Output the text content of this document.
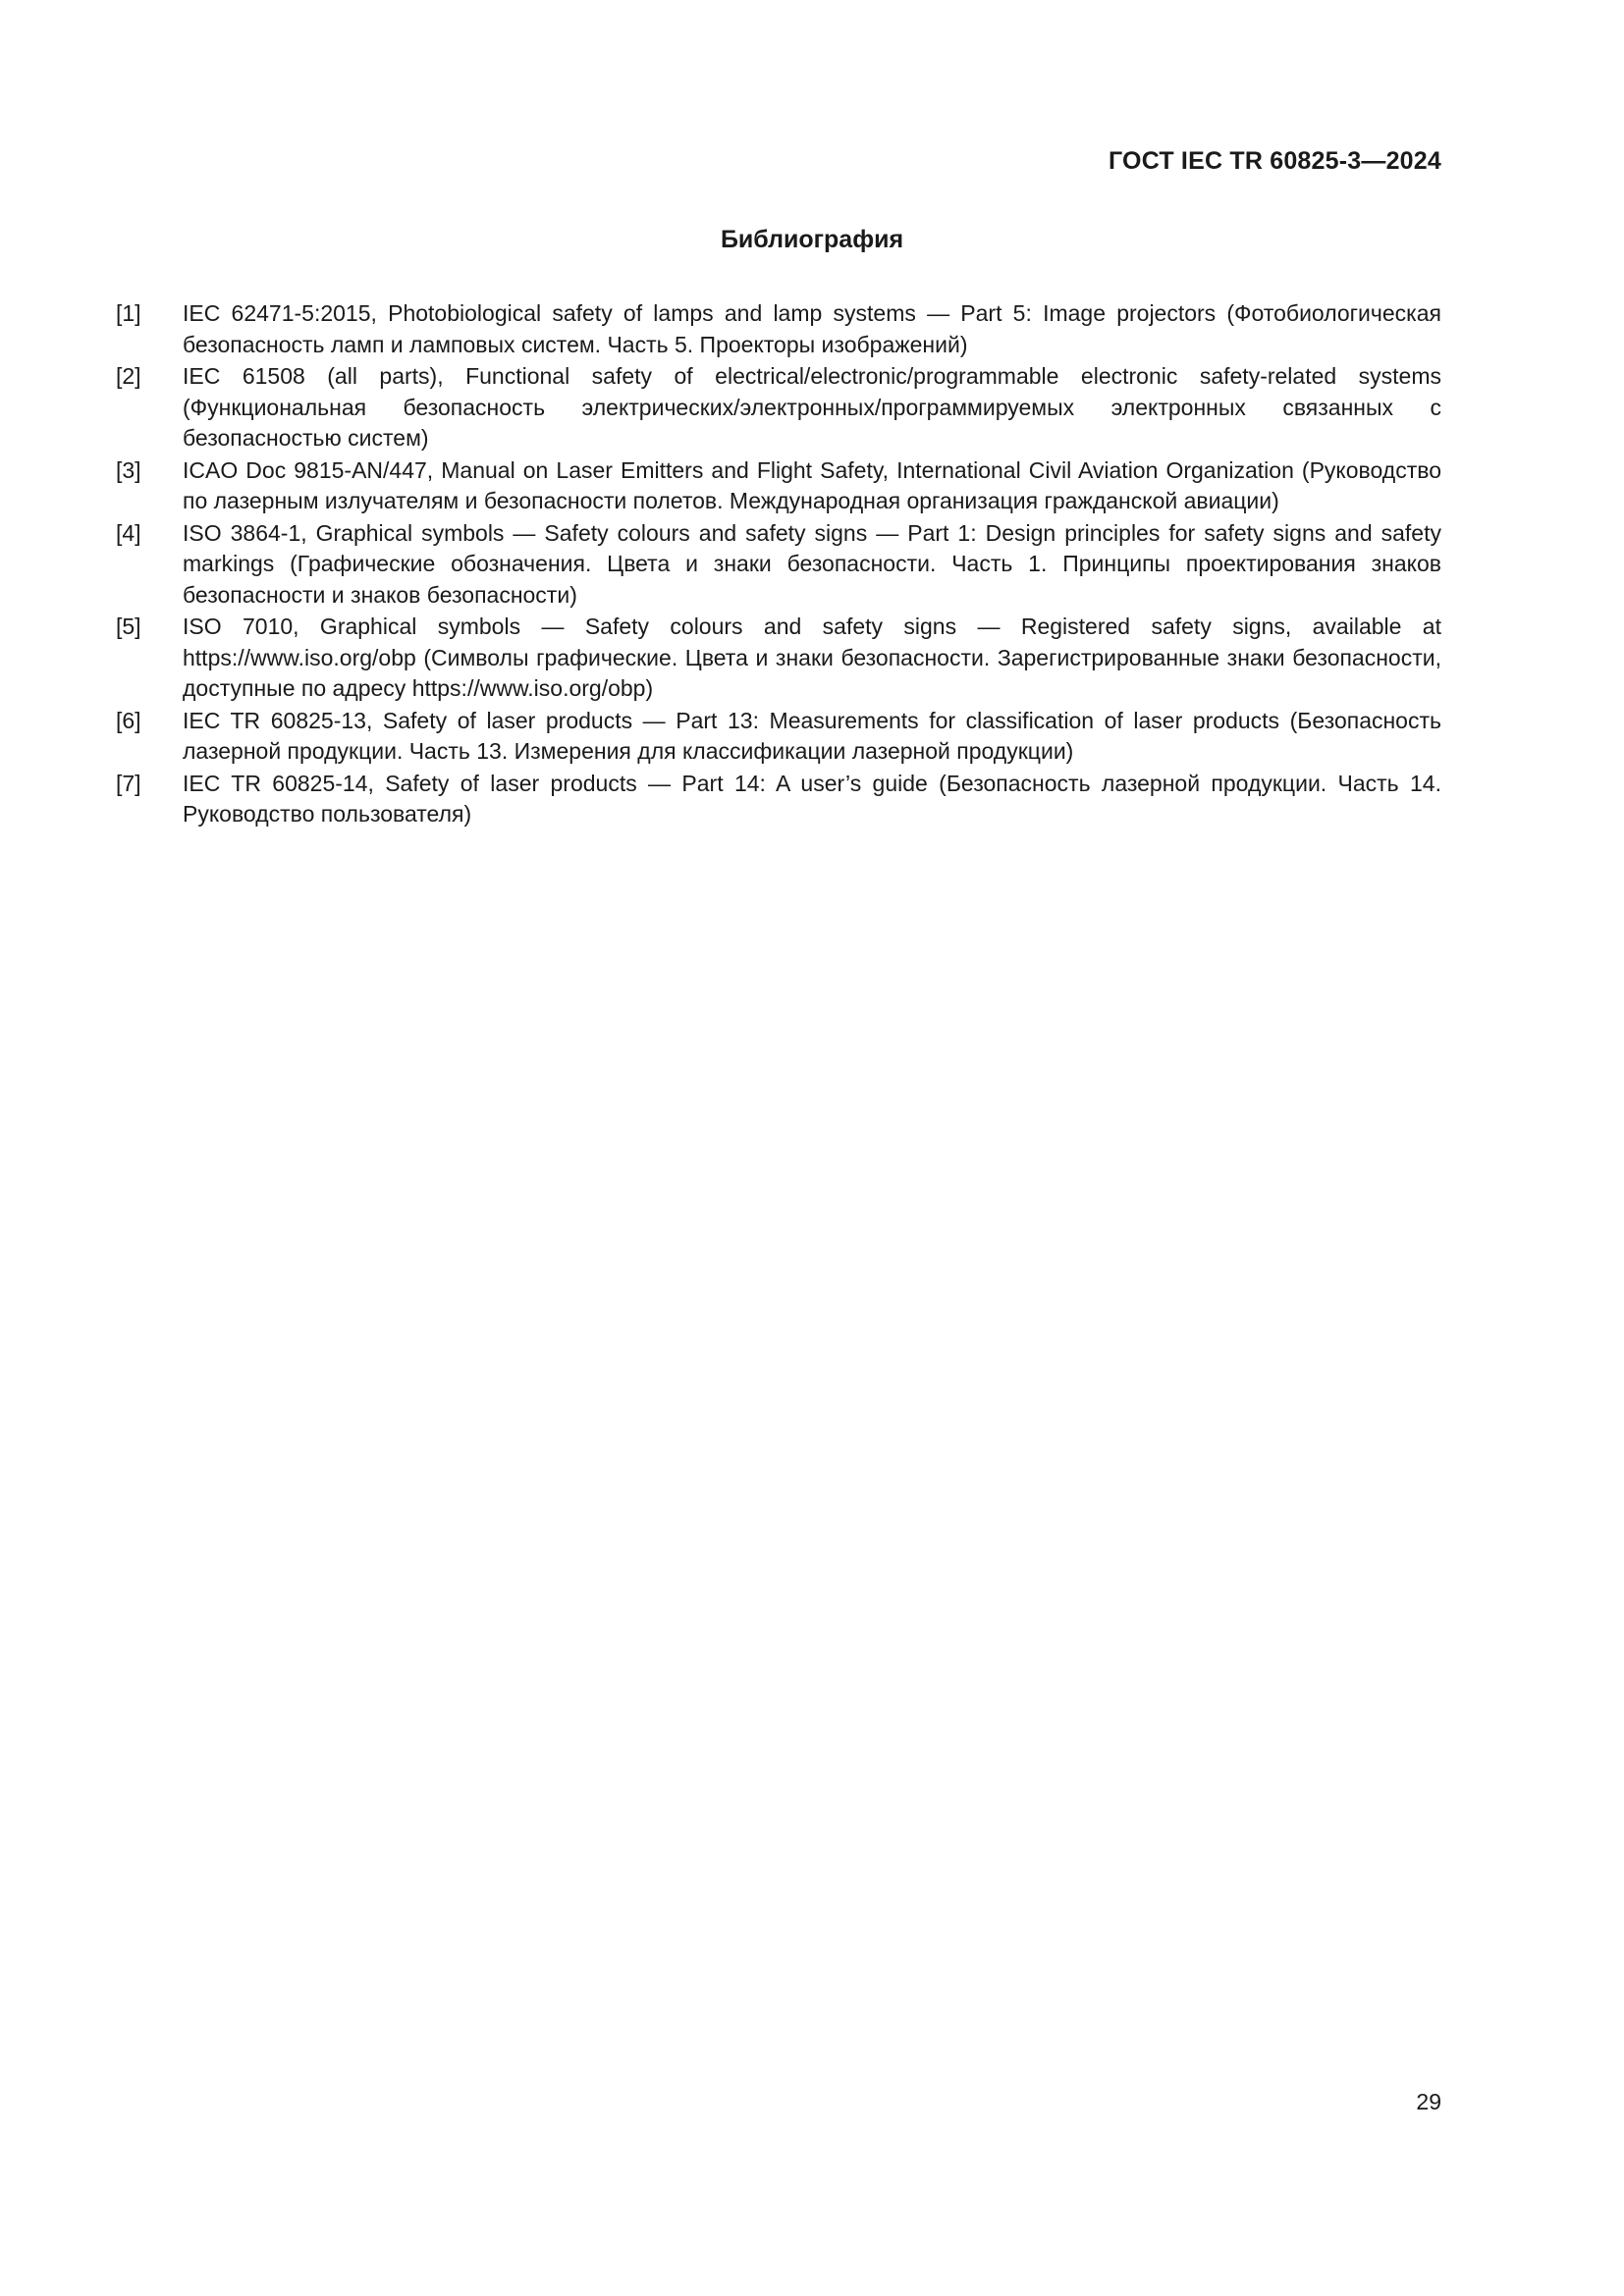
ГОСТ IEC TR 60825-3—2024
Библиография
[1] IEC 62471-5:2015, Photobiological safety of lamps and lamp systems — Part 5: Image projectors (Фотобиологическая безопасность ламп и ламповых систем. Часть 5. Проекторы изображений)
[2] IEC 61508 (all parts), Functional safety of electrical/electronic/programmable electronic safety-related systems (Функциональная безопасность электрических/электронных/программируемых электронных связанных с безопасностью систем)
[3] ICAO Doc 9815-AN/447, Manual on Laser Emitters and Flight Safety, International Civil Aviation Organization (Руководство по лазерным излучателям и безопасности полетов. Международная организация гражданской авиации)
[4] ISO 3864-1, Graphical symbols — Safety colours and safety signs — Part 1: Design principles for safety signs and safety markings (Графические обозначения. Цвета и знаки безопасности. Часть 1. Принципы проектирования знаков безопасности и знаков безопасности)
[5] ISO 7010, Graphical symbols — Safety colours and safety signs — Registered safety signs, available at https://www.iso.org/obp (Символы графические. Цвета и знаки безопасности. Зарегистрированные знаки безопасности, доступные по адресу https://www.iso.org/obp)
[6] IEC TR 60825-13, Safety of laser products — Part 13: Measurements for classification of laser products (Безопасность лазерной продукции. Часть 13. Измерения для классификации лазерной продукции)
[7] IEC TR 60825-14, Safety of laser products — Part 14: A user’s guide (Безопасность лазерной продукции. Часть 14. Руководство пользователя)
29
